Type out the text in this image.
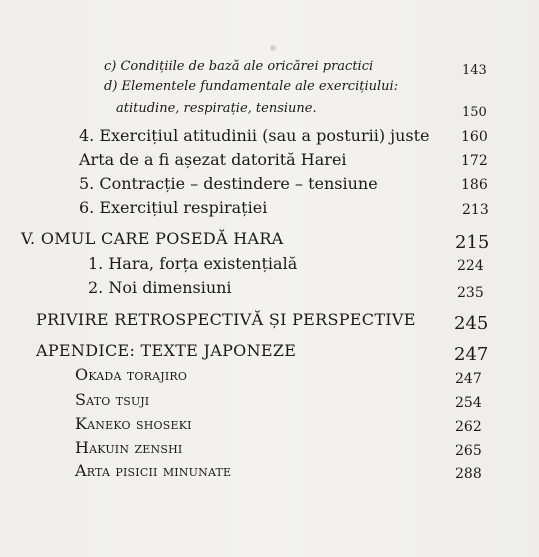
c) Condițiile de bază ale oricărei practici	143
d) Elementele fundamentale ale exercițiului:
atitudine, respirație, tensiune.	150
4. Exercițiul atitudinii (sau a posturii) juste 160
Arta de a fi așezat datorită Harei	172
5. Contracție – destindere – tensiune	186
6. Exercițiul respirației	213
V. OMUL CARE POSEDĂ HARA	215
1. Hara, forța existențială	224
2. Noi dimensiuni	235
PRIVIRE RETROSPECTIVĂ ȘI PERSPECTIVE 245
APENDICE: TEXTE JAPONEZE	247
Okada torajiro	247
Sato tsuji	254
Kaneko shoseki	262
Hakuin zenshi	265
Arta pisicii minunate	288
